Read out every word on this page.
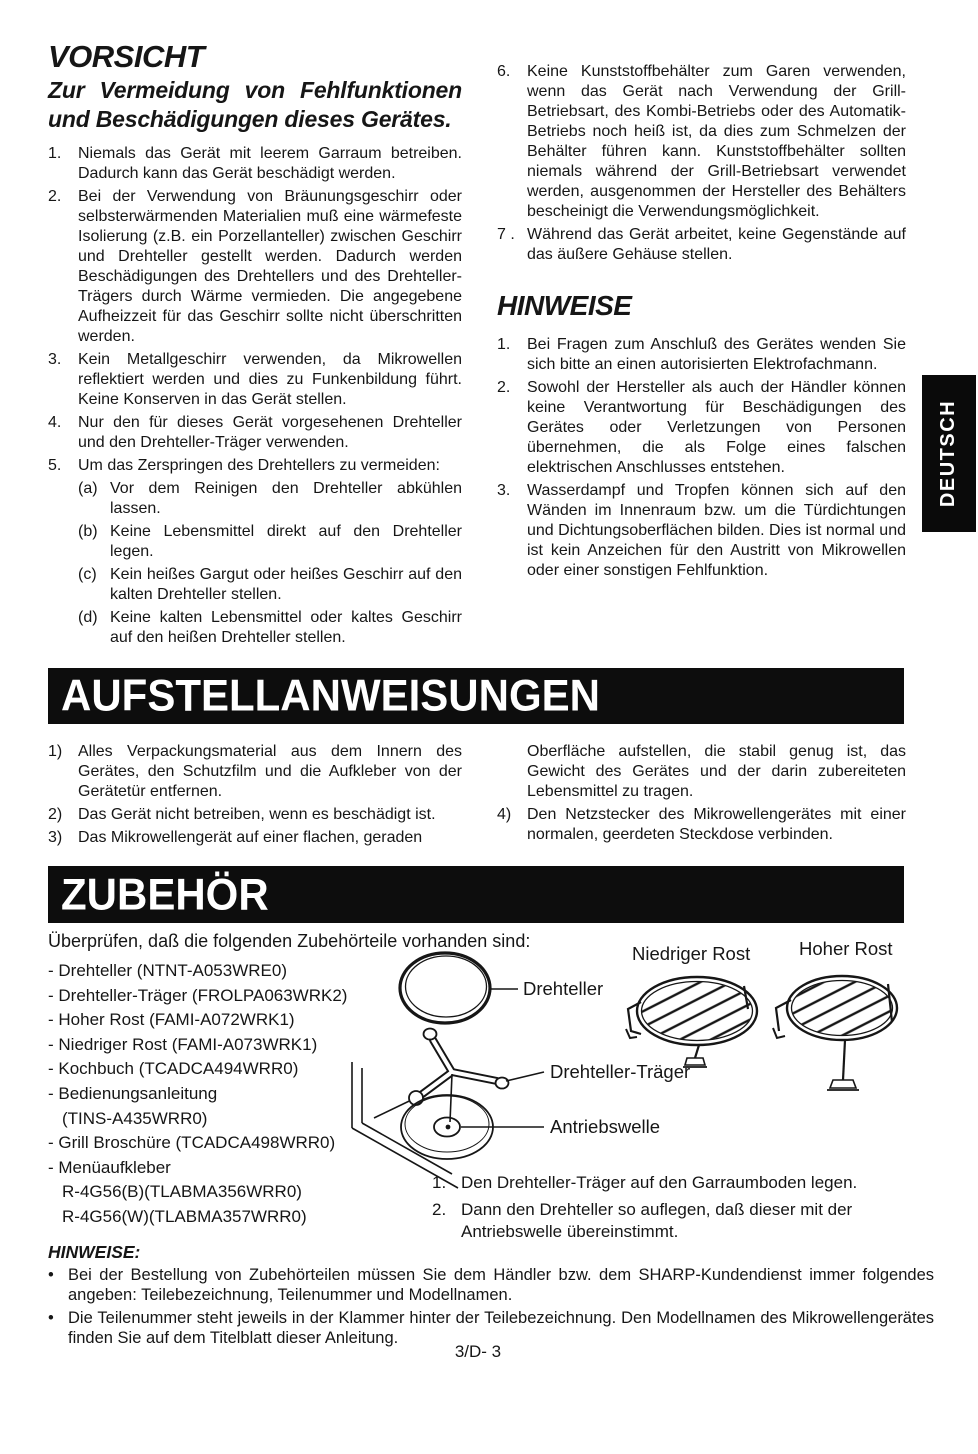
VORSICHT
Zur Vermeidung von Fehlfunktionen und Beschädigungen dieses Gerätes.
1.	Niemals das Gerät mit leerem Garraum betreiben. Dadurch kann das Gerät beschädigt werden.
2.	Bei der Verwendung von Bräunungsgeschirr oder selbsterwärmenden Materialien muß eine wärmefeste Isolierung (z.B. ein Porzellanteller) zwischen Geschirr und Drehteller gestellt werden. Dadurch werden Beschädigungen des Drehtellers und des Drehteller-Trägers durch Wärme vermieden. Die angegebene Aufheizzeit für das Geschirr sollte nicht überschritten werden.
3.	Kein Metallgeschirr verwenden, da Mikrowellen reflektiert werden und dies zu Funkenbildung führt. Keine Konserven in das Gerät stellen.
4.	Nur den für dieses Gerät vorgesehenen Drehteller und den Drehteller-Träger verwenden.
5.	Um das Zerspringen des Drehtellers zu vermeiden:
(a) Vor dem Reinigen den Drehteller abkühlen lassen.
(b) Keine Lebensmittel direkt auf den Drehteller legen.
(c) Kein heißes Gargut oder heißes Geschirr auf den kalten Drehteller stellen.
(d) Keine kalten Lebensmittel oder kaltes Geschirr auf den heißen Drehteller stellen.
6.	Keine Kunststoffbehälter zum Garen verwenden, wenn das Gerät nach Verwendung der Grill-Betriebsart, des Kombi-Betriebs oder des Automatik-Betriebs noch heiß ist, da dies zum Schmelzen der Behälter führen kann. Kunststoffbehälter sollten niemals während der Grill-Betriebsart verwendet werden, ausgenommen der Hersteller des Behälters bescheinigt die Verwendungsmöglichkeit.
7 . Während das Gerät arbeitet, keine Gegenstände auf das äußere Gehäuse stellen.
HINWEISE
1.	Bei Fragen zum Anschluß des Gerätes wenden Sie sich bitte an einen autorisierten Elektrofachmann.
2.	Sowohl der Hersteller als auch der Händler können keine Verantwortung für Beschädigungen des Gerätes oder Verletzungen von Personen übernehmen, die als Folge eines falschen elektrischen Anschlusses entstehen.
3.	Wasserdampf und Tropfen können sich auf den Wänden im Innenraum bzw. um die Türdichtungen und Dichtungsoberflächen bilden. Dies ist normal und ist kein Anzeichen für den Austritt von Mikrowellen oder einer sonstigen Fehlfunktion.
DEUTSCH
AUFSTELLANWEISUNGEN
1) Alles Verpackungsmaterial aus dem Innern des Gerätes, den Schutzfilm und die Aufkleber von der Gerätetür entfernen.
2) Das Gerät nicht betreiben, wenn es beschädigt ist.
3) Das Mikrowellengerät auf einer flachen, geraden
Oberfläche aufstellen, die stabil genug ist, das Gewicht des Gerätes und der darin zubereiteten Lebensmittel zu tragen.
4) Den Netzstecker des Mikrowellengerätes mit einer normalen, geerdeten Steckdose verbinden.
ZUBEHÖR
Überprüfen, daß die folgenden Zubehörteile vorhanden sind:
- Drehteller (NTNT-A053WRE0)
- Drehteller-Träger (FROLPA063WRK2)
- Hoher Rost (FAMI-A072WRK1)
- Niedriger Rost (FAMI-A073WRK1)
- Kochbuch (TCADCA494WRR0)
- Bedienungsanleitung
(TINS-A435WRR0)
- Grill Broschüre (TCADCA498WRR0)
- Menüaufkleber
R-4G56(B)(TLABMA356WRR0)
R-4G56(W)(TLABMA357WRR0)
Niedriger Rost	Hoher Rost
Drehteller
Drehteller-Träger
Antriebswelle
1. Den Drehteller-Träger auf den Garraumboden legen.
2. Dann den Drehteller so auflegen, daß dieser mit der Antriebswelle übereinstimmt.
HINWEISE:
• Bei der Bestellung von Zubehörteilen müssen Sie dem Händler bzw. dem SHARP-Kundendienst immer folgendes angeben: Teilebezeichnung, Teilenummer und Modellnamen.
• Die Teilenummer steht jeweils in der Klammer hinter der Teilebezeichnung. Den Modellnamen des Mikrowellengerätes finden Sie auf dem Titelblatt dieser Anleitung.
3/D- 3
